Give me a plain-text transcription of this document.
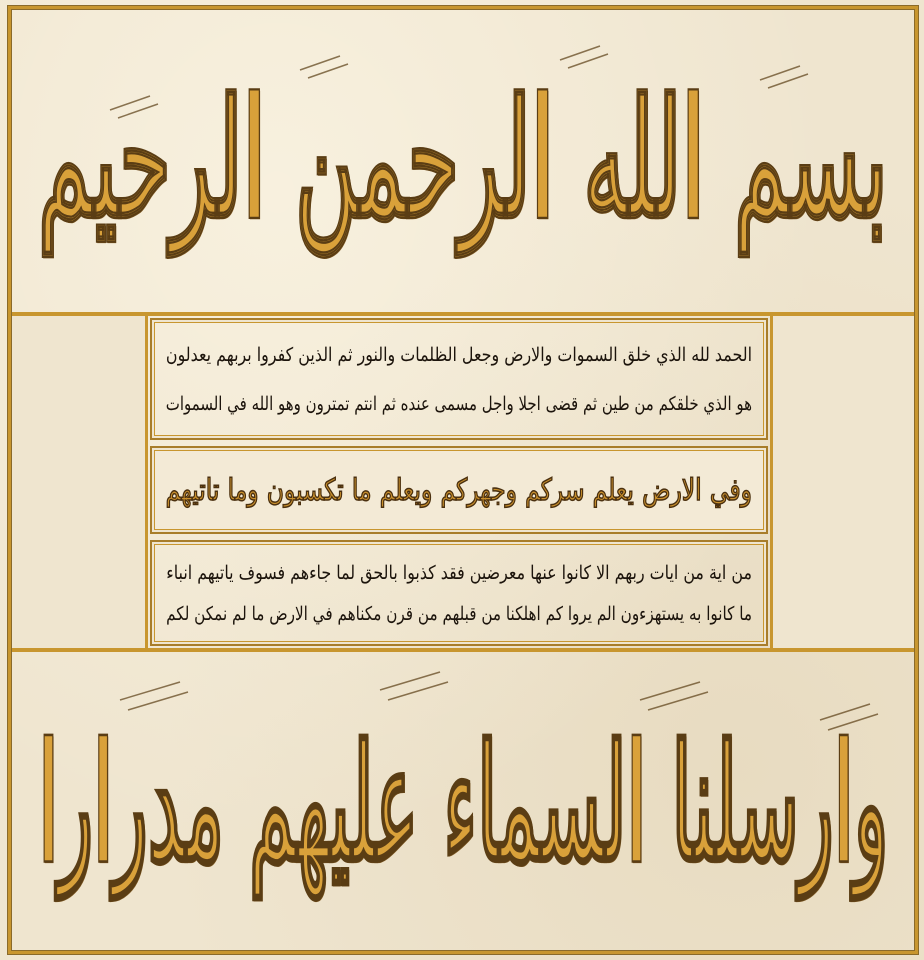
بسم الله الرحمن الرحيم
الحمد لله الذي خلق السموات والارض وجعل الظلمات والنور ثم الذين كفروا بربهم يعدلون
هو الذي خلقكم من طين ثم قضى اجلا واجل مسمى عنده ثم انتم تمترون وهو الله في السموات
وفي الارض يعلم سركم وجهركم ويعلم ما تكسبون وما تاتيهم
من اية من ايات ربهم الا كانوا عنها معرضين فقد كذبوا بالحق لما جاءهم فسوف ياتيهم انباء
ما كانوا به يستهزءون الم يروا كم اهلكنا من قبلهم من قرن مكناهم في الارض ما لم نمكن لكم
وارسلنا السماء عليهم مدرارا
